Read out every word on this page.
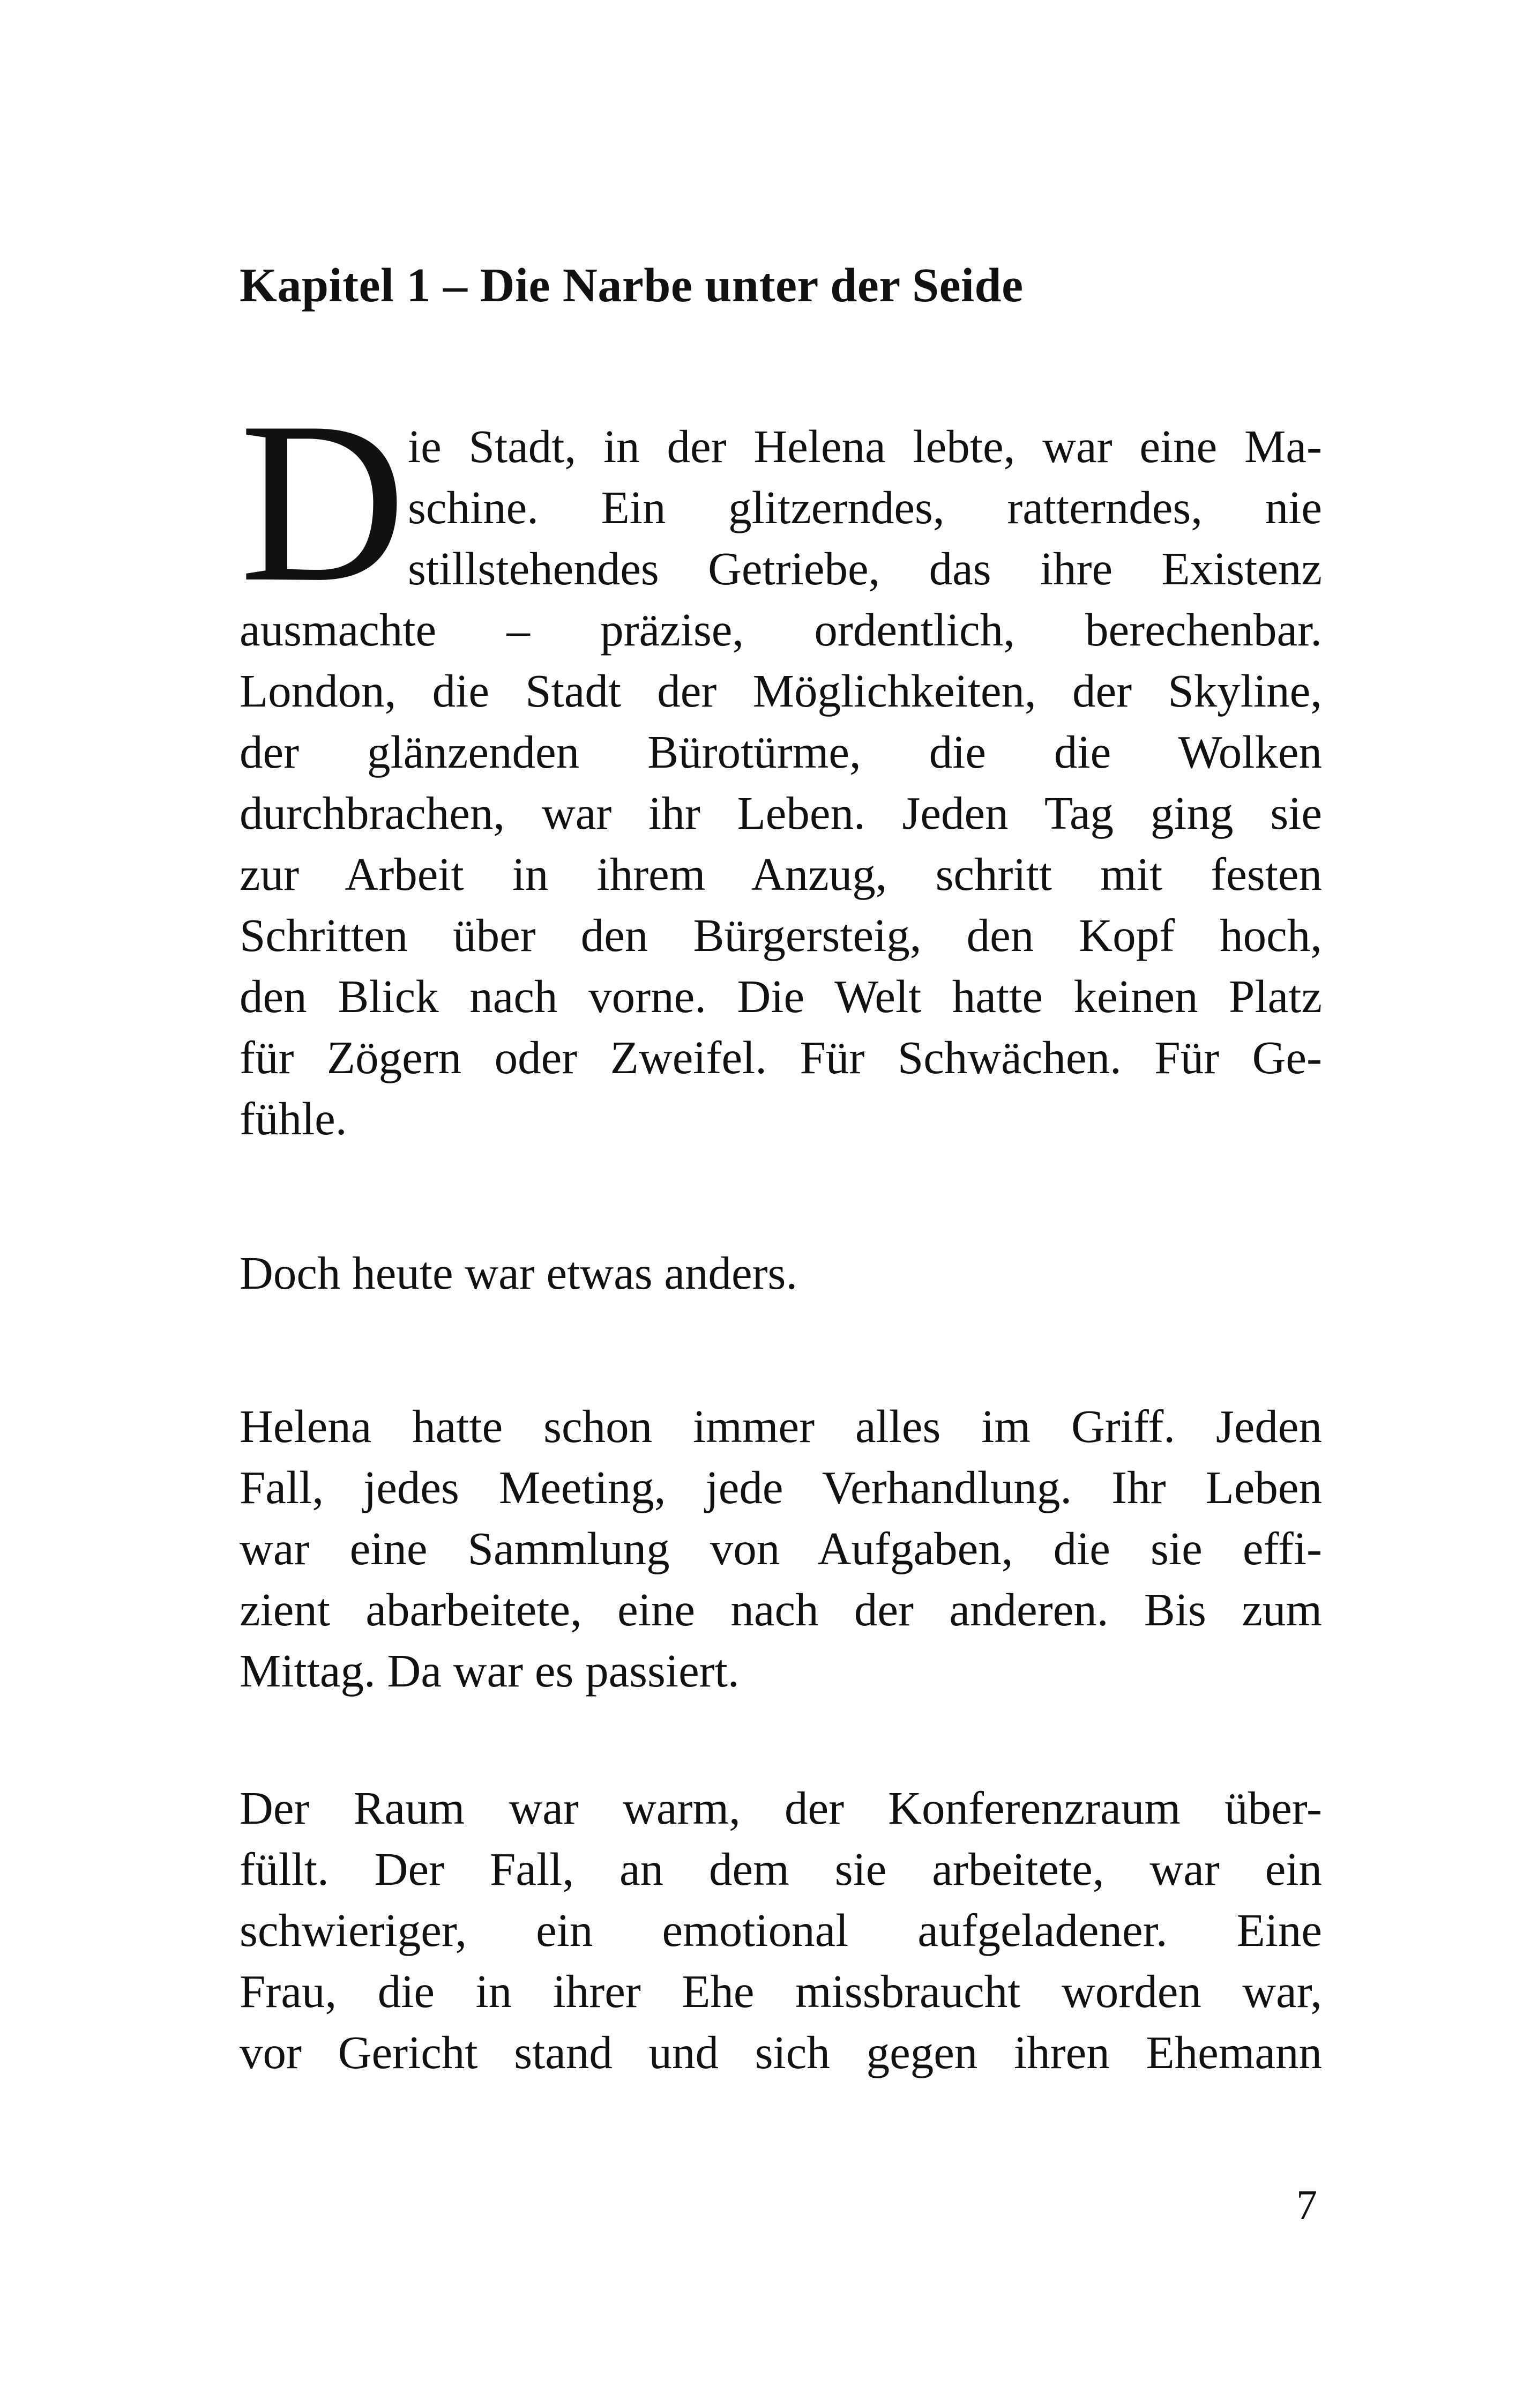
Kapitel 1 – Die Narbe unter der Seide
D ie Stadt, in der Helena lebte, war eine Ma-
schine. Ein glitzerndes, ratterndes, nie
stillstehendes Getriebe, das ihre Existenz
ausmachte – präzise, ordentlich, berechenbar.
London, die Stadt der Möglichkeiten, der Skyline,
der glänzenden Bürotürme, die die Wolken
durchbrachen, war ihr Leben. Jeden Tag ging sie
zur Arbeit in ihrem Anzug, schritt mit festen
Schritten über den Bürgersteig, den Kopf hoch,
den Blick nach vorne. Die Welt hatte keinen Platz
für Zögern oder Zweifel. Für Schwächen. Für Ge-
fühle.
Doch heute war etwas anders.
Helena hatte schon immer alles im Griff. Jeden
Fall, jedes Meeting, jede Verhandlung. Ihr Leben
war eine Sammlung von Aufgaben, die sie effi-
zient abarbeitete, eine nach der anderen. Bis zum
Mittag. Da war es passiert.
Der Raum war warm, der Konferenzraum über-
füllt. Der Fall, an dem sie arbeitete, war ein
schwieriger, ein emotional aufgeladener. Eine
Frau, die in ihrer Ehe missbraucht worden war,
vor Gericht stand und sich gegen ihren Ehemann
7
